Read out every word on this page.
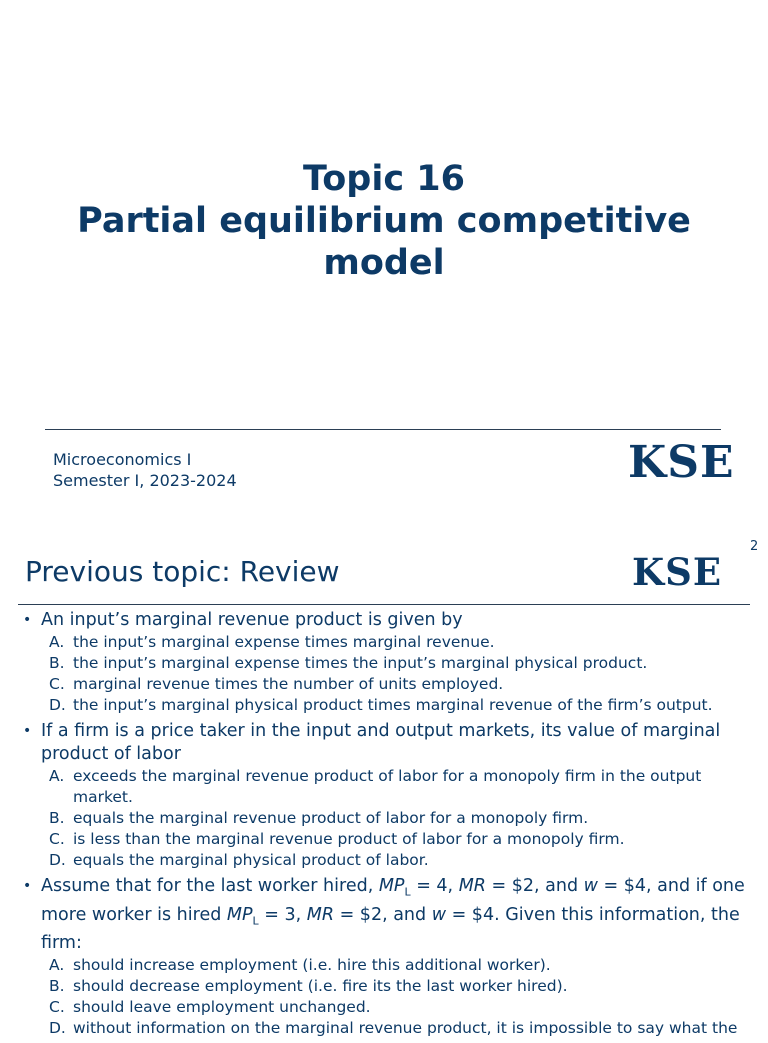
Topic 16
Partial equilibrium competitive
model
Microeconomics I
Semester I, 2023-2024	KSE
2
Previous topic: Review	KSE
• An input’s marginal revenue product is given by
A. the input’s marginal expense times marginal revenue.
B. the input’s marginal expense times the input’s marginal physical product.
C. marginal revenue times the number of units employed.
D. the input’s marginal physical product times marginal revenue of the firm’s output.
• If a firm is a price taker in the input and output markets, its value of marginal product of labor
A. exceeds the marginal revenue product of labor for a monopoly firm in the output market.
B. equals the marginal revenue product of labor for a monopoly firm.
C. is less than the marginal revenue product of labor for a monopoly firm.
D. equals the marginal physical product of labor.
• Assume that for the last worker hired, $MP_L = 4$, MR = $2, and w = $4, and if one more worker is hired $MP_L = 3$, MR = $2, and w = $4. Given this information, the firm:
A. should increase employment (i.e. hire this additional worker).
B. should decrease employment (i.e. fire its the last worker hired).
C. should leave employment unchanged.
D. without information on the marginal revenue product, it is impossible to say what the
